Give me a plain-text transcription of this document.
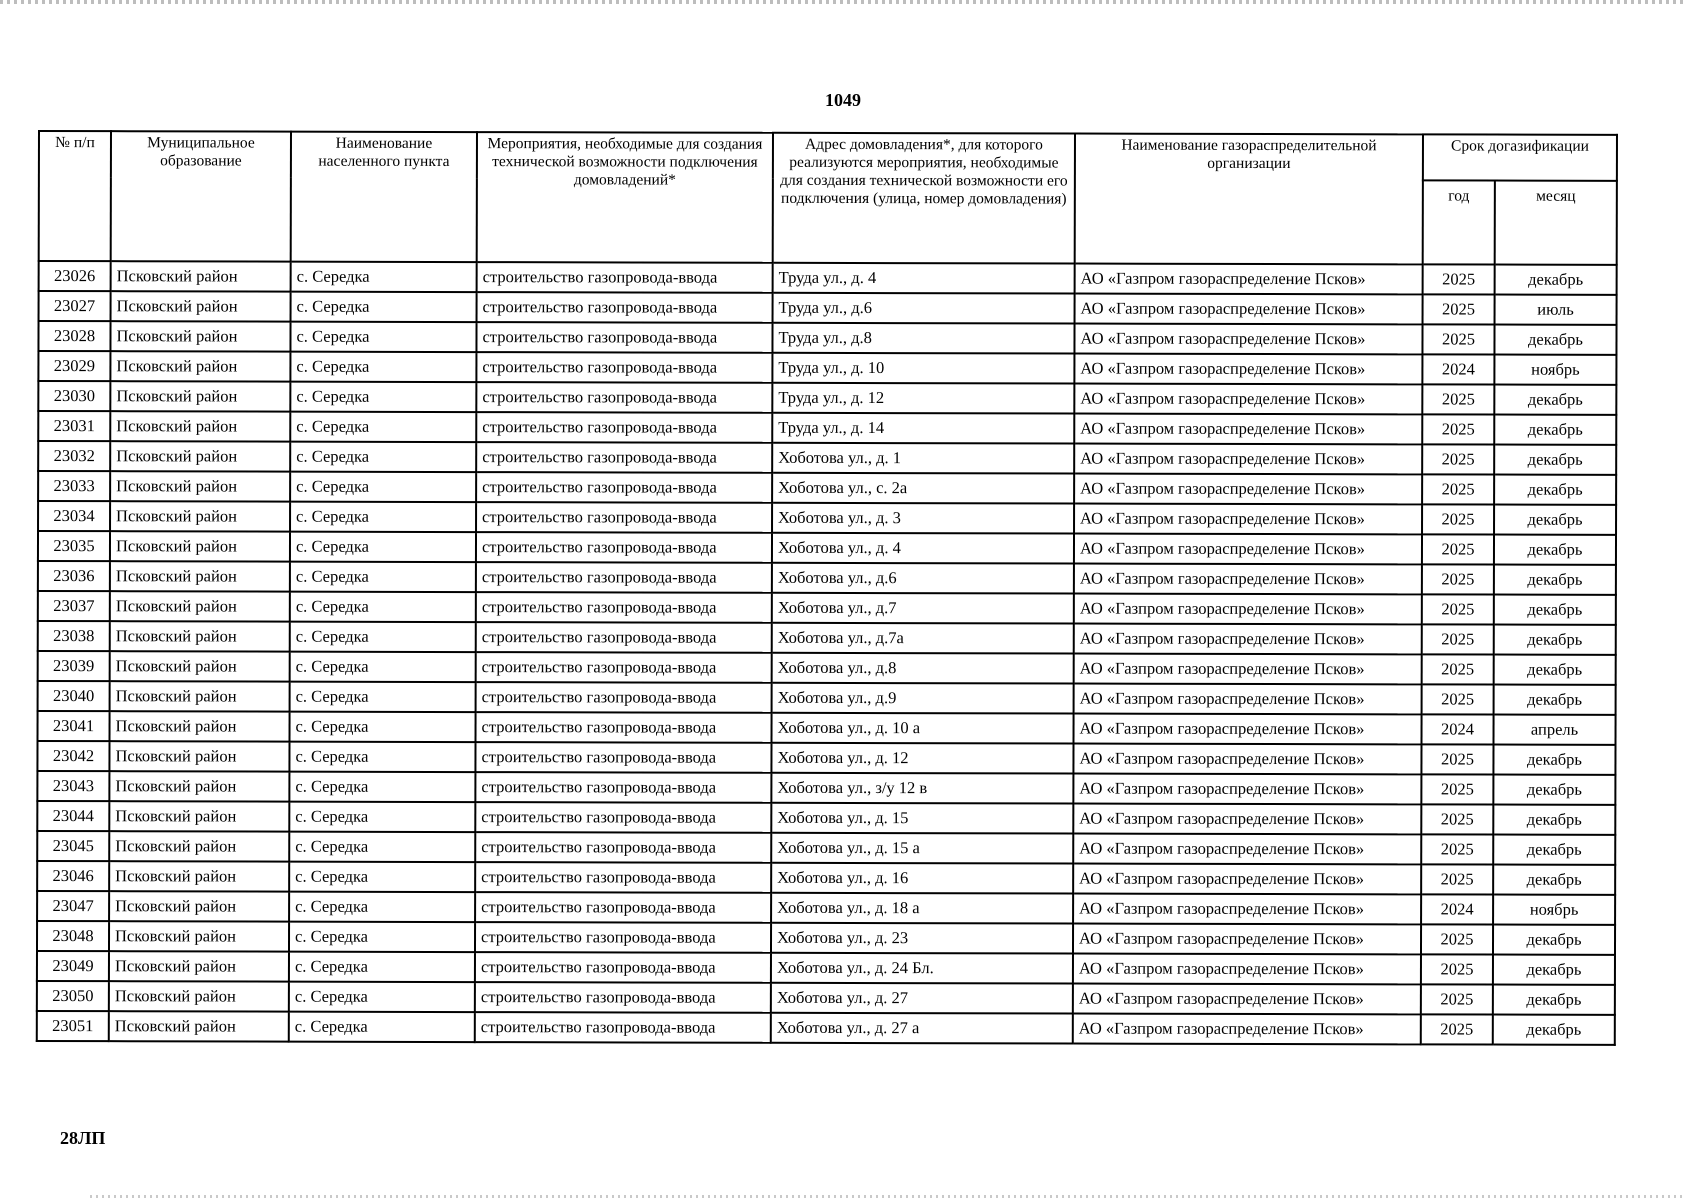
1049
№ п/п	Муниципальное образование	Наименование населенного пункта	Мероприятия, необходимые для создания технической возможности подключения домовладений*	Адрес домовладения*, для которого реализуются мероприятия, необходимые для создания технической возможности его подключения (улица, номер домовладения)	Наименование газораспределительной организации	Срок догазификации	
						год	месяц
23026	Псковский район	с. Середка	строительство газопровода-ввода	Труда ул., д. 4	АО «Газпром газораспределение Псков»	2025	декабрь
23027	Псковский район	с. Середка	строительство газопровода-ввода	Труда ул., д.6	АО «Газпром газораспределение Псков»	2025	июль
23028	Псковский район	с. Середка	строительство газопровода-ввода	Труда ул., д.8	АО «Газпром газораспределение Псков»	2025	декабрь
23029	Псковский район	с. Середка	строительство газопровода-ввода	Труда ул., д. 10	АО «Газпром газораспределение Псков»	2024	ноябрь
23030	Псковский район	с. Середка	строительство газопровода-ввода	Труда ул., д. 12	АО «Газпром газораспределение Псков»	2025	декабрь
23031	Псковский район	с. Середка	строительство газопровода-ввода	Труда ул., д. 14	АО «Газпром газораспределение Псков»	2025	декабрь
23032	Псковский район	с. Середка	строительство газопровода-ввода	Хоботова ул., д. 1	АО «Газпром газораспределение Псков»	2025	декабрь
23033	Псковский район	с. Середка	строительство газопровода-ввода	Хоботова ул., с. 2а	АО «Газпром газораспределение Псков»	2025	декабрь
23034	Псковский район	с. Середка	строительство газопровода-ввода	Хоботова ул., д. 3	АО «Газпром газораспределение Псков»	2025	декабрь
23035	Псковский район	с. Середка	строительство газопровода-ввода	Хоботова ул., д. 4	АО «Газпром газораспределение Псков»	2025	декабрь
23036	Псковский район	с. Середка	строительство газопровода-ввода	Хоботова ул., д.6	АО «Газпром газораспределение Псков»	2025	декабрь
23037	Псковский район	с. Середка	строительство газопровода-ввода	Хоботова ул., д.7	АО «Газпром газораспределение Псков»	2025	декабрь
23038	Псковский район	с. Середка	строительство газопровода-ввода	Хоботова ул., д.7а	АО «Газпром газораспределение Псков»	2025	декабрь
23039	Псковский район	с. Середка	строительство газопровода-ввода	Хоботова ул., д.8	АО «Газпром газораспределение Псков»	2025	декабрь
23040	Псковский район	с. Середка	строительство газопровода-ввода	Хоботова ул., д.9	АО «Газпром газораспределение Псков»	2025	декабрь
23041	Псковский район	с. Середка	строительство газопровода-ввода	Хоботова ул., д. 10 а	АО «Газпром газораспределение Псков»	2024	апрель
23042	Псковский район	с. Середка	строительство газопровода-ввода	Хоботова ул., д. 12	АО «Газпром газораспределение Псков»	2025	декабрь
23043	Псковский район	с. Середка	строительство газопровода-ввода	Хоботова ул., з/у 12 в	АО «Газпром газораспределение Псков»	2025	декабрь
23044	Псковский район	с. Середка	строительство газопровода-ввода	Хоботова ул., д. 15	АО «Газпром газораспределение Псков»	2025	декабрь
23045	Псковский район	с. Середка	строительство газопровода-ввода	Хоботова ул., д. 15 а	АО «Газпром газораспределение Псков»	2025	декабрь
23046	Псковский район	с. Середка	строительство газопровода-ввода	Хоботова ул., д. 16	АО «Газпром газораспределение Псков»	2025	декабрь
23047	Псковский район	с. Середка	строительство газопровода-ввода	Хоботова ул., д. 18 а	АО «Газпром газораспределение Псков»	2024	ноябрь
23048	Псковский район	с. Середка	строительство газопровода-ввода	Хоботова ул., д. 23	АО «Газпром газораспределение Псков»	2025	декабрь
23049	Псковский район	с. Середка	строительство газопровода-ввода	Хоботова ул., д. 24 Бл.	АО «Газпром газораспределение Псков»	2025	декабрь
23050	Псковский район	с. Середка	строительство газопровода-ввода	Хоботова ул., д. 27	АО «Газпром газораспределение Псков»	2025	декабрь
23051	Псковский район	с. Середка	строительство газопровода-ввода	Хоботова ул., д. 27 а	АО «Газпром газораспределение Псков»	2025	декабрь
28ЛП
